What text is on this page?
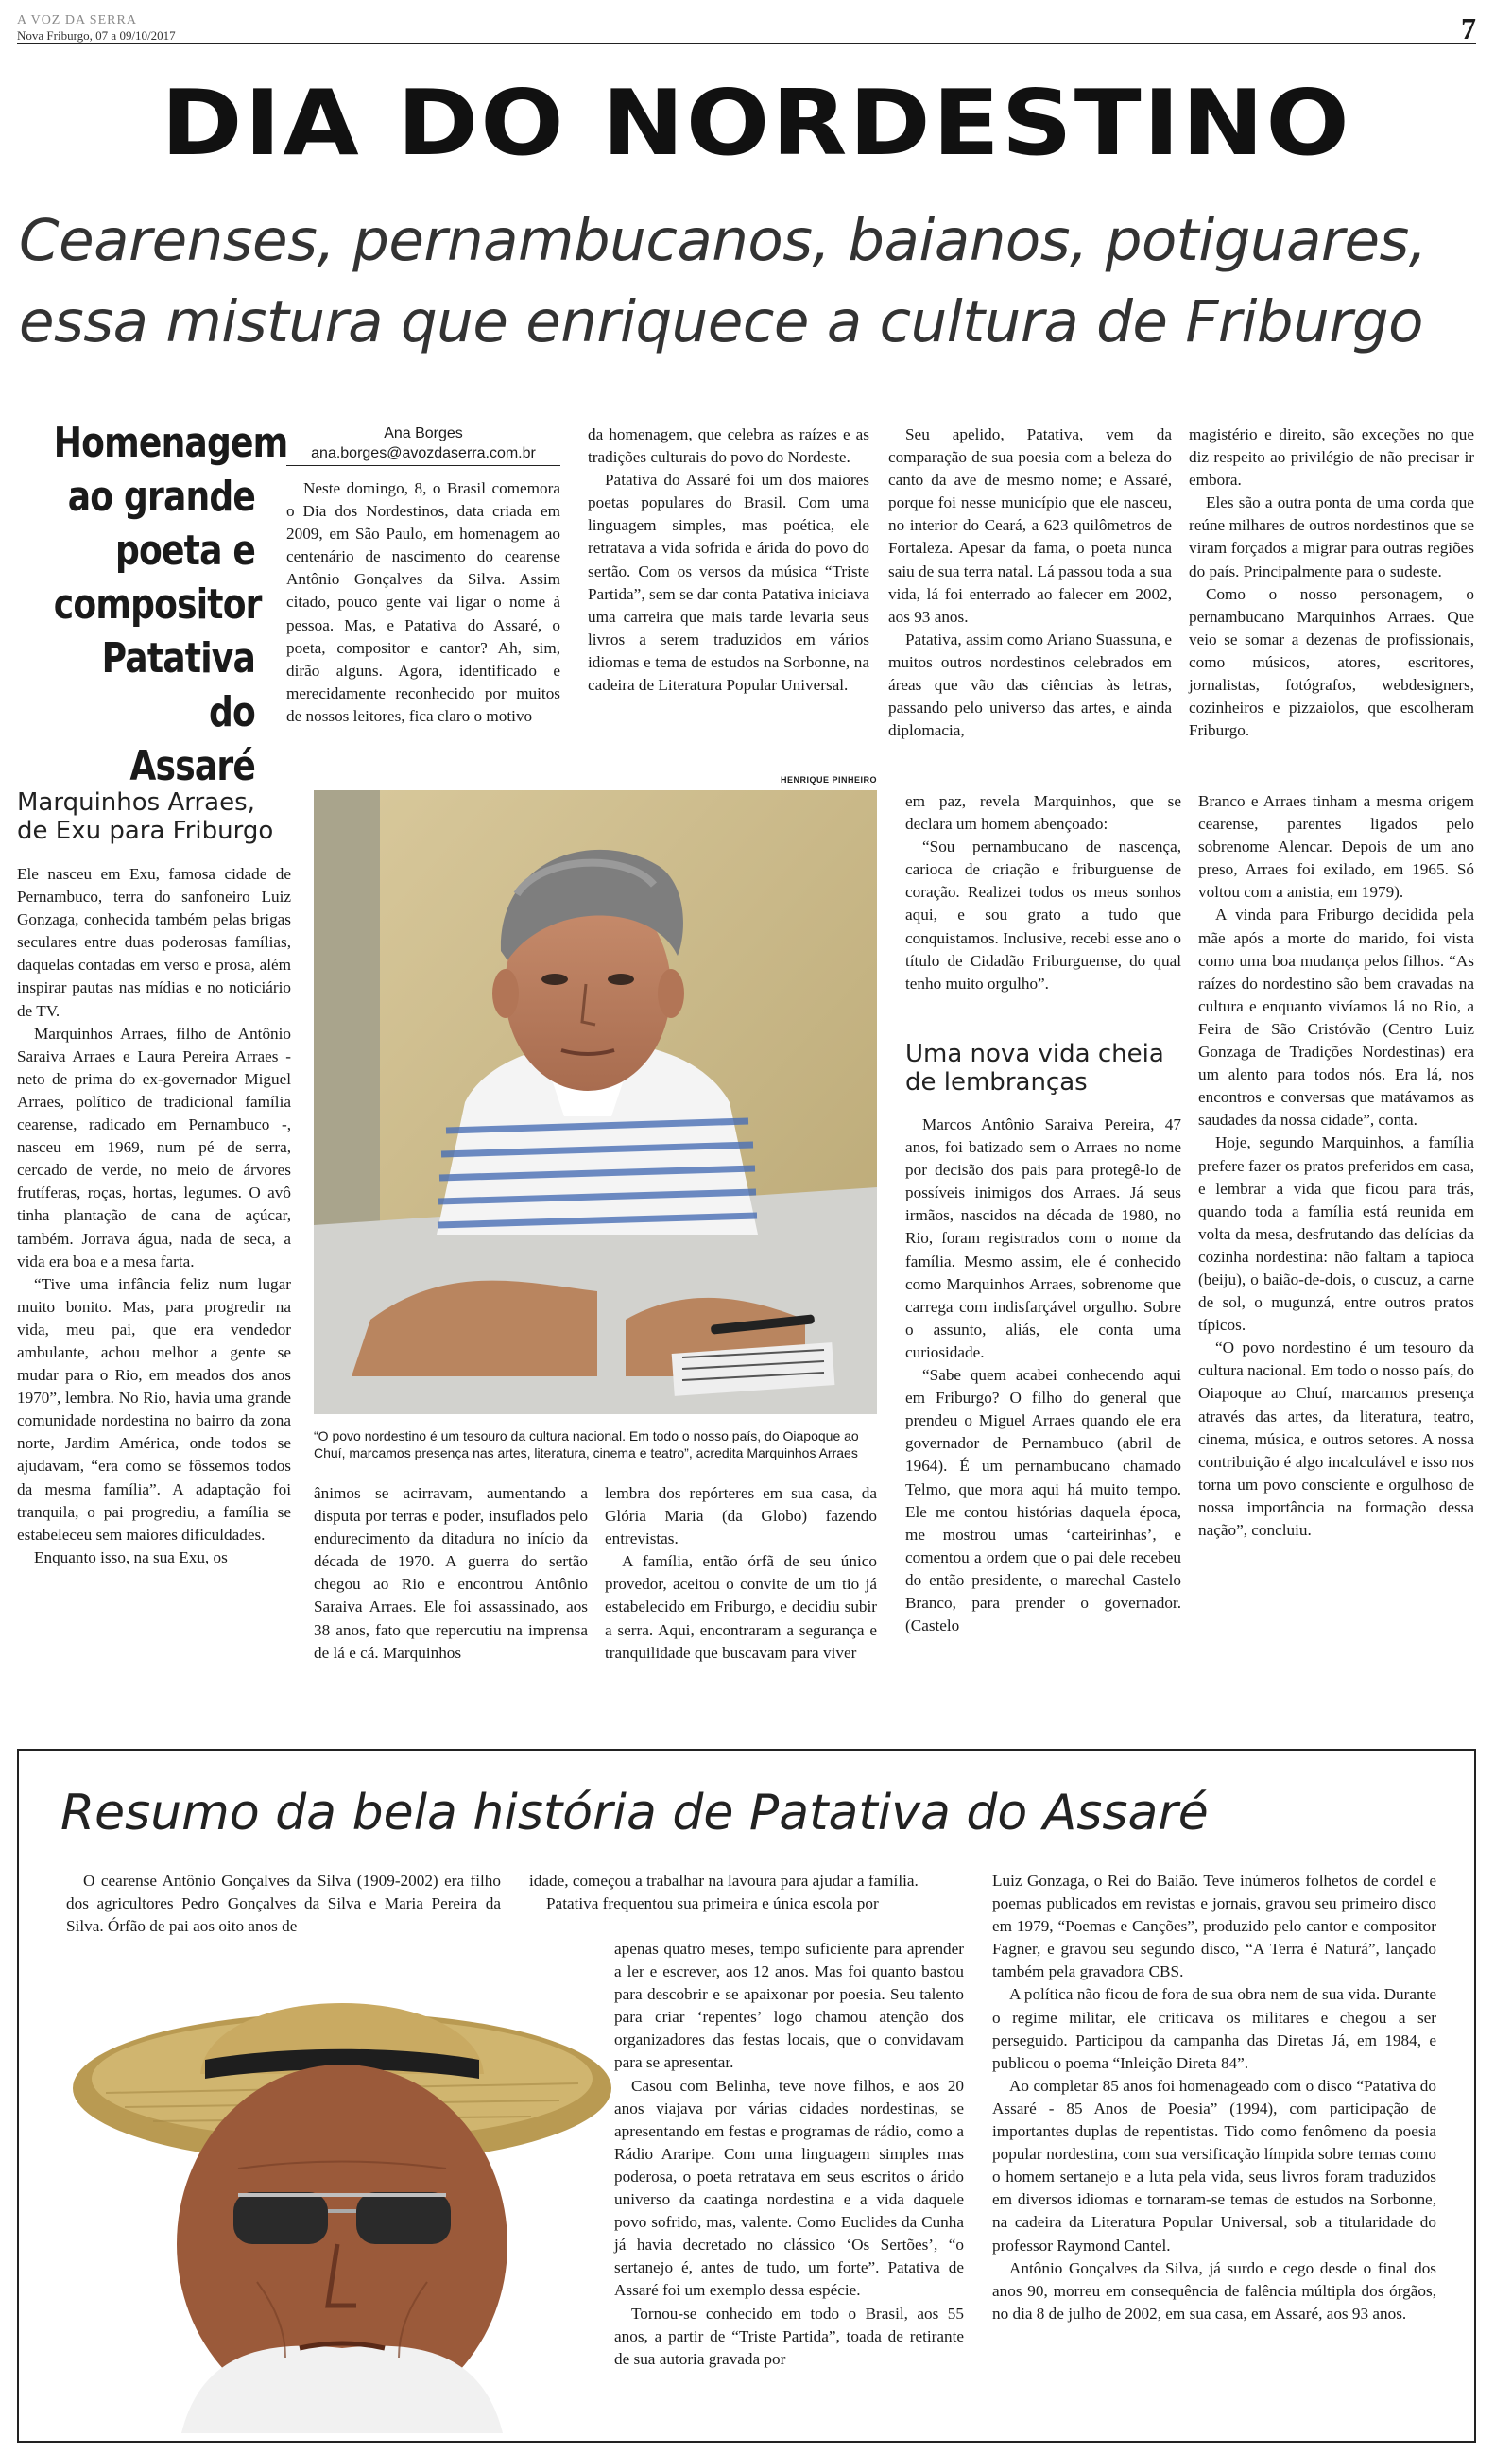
A VOZ DA SERRA
Nova Friburgo, 07 a 09/10/2017	7
DIA DO NORDESTINO
Cearenses, pernambucanos, baianos, potiguares,
essa mistura que enriquece a cultura de Friburgo
Homenagem
ao grande
poeta e
compositor
Patativa do
Assaré
Ana Borges
ana.borges@avozdaserra.com.br

Neste domingo, 8, o Brasil comemora o Dia dos Nordestinos, data criada em 2009, em São Paulo, em homenagem ao centenário de nascimento do cearense Antônio Gonçalves da Silva. Assim citado, pouco gente vai ligar o nome à pessoa. Mas, e Patativa do Assaré, o poeta, compositor e cantor? Ah, sim, dirão alguns. Agora, identificado e merecidamente reconhecido por muitos de nossos leitores, fica claro o motivo

da homenagem, que celebra as raízes e as tradições culturais do povo do Nordeste.

Patativa do Assaré foi um dos maiores poetas populares do Brasil. Com uma linguagem simples, mas poética, ele retratava a vida sofrida e árida do povo do sertão. Com os versos da música “Triste Partida”, sem se dar conta Patativa iniciava uma carreira que mais tarde levaria seus livros a serem traduzidos em vários idiomas e tema de estudos na Sorbonne, na cadeira de Literatura Popular Universal.

Seu apelido, Patativa, vem da comparação de sua poesia com a beleza do canto da ave de mesmo nome; e Assaré, porque foi nesse município que ele nasceu, no interior do Ceará, a 623 quilômetros de Fortaleza. Apesar da fama, o poeta nunca saiu de sua terra natal. Lá passou toda a sua vida, lá foi enterrado ao falecer em 2002, aos 93 anos.

Patativa, assim como Ariano Suassuna, e muitos outros nordestinos celebrados em áreas que vão das ciências às letras, passando pelo universo das artes, e ainda diplomacia,

magistério e direito, são exceções no que diz respeito ao privilégio de não precisar ir embora.

Eles são a outra ponta de uma corda que reúne milhares de outros nordestinos que se viram forçados a migrar para outras regiões do país. Principalmente para o sudeste.

Como o nosso personagem, o pernambucano Marquinhos Arraes. Que veio se somar a dezenas de profissionais, como músicos, atores, escritores, jornalistas, fotógrafos, webdesigners, cozinheiros e pizzaiolos, que escolheram Friburgo.

Marquinhos Arraes,
de Exu para Friburgo

Ele nasceu em Exu, famosa cidade de Pernambuco, terra do sanfoneiro Luiz Gonzaga, conhecida também pelas brigas seculares entre duas poderosas famílias, daquelas contadas em verso e prosa, além inspirar pautas nas mídias e no noticiário de TV.

Marquinhos Arraes, filho de Antônio Saraiva Arraes e Laura Pereira Arraes - neto de prima do ex-governador Miguel Arraes, político de tradicional família cearense, radicado em Pernambuco -, nasceu em 1969, num pé de serra, cercado de verde, no meio de árvores frutíferas, roças, hortas, legumes. O avô tinha plantação de cana de açúcar, também. Jorrava água, nada de seca, a vida era boa e a mesa farta.

“Tive uma infância feliz num lugar muito bonito. Mas, para progredir na vida, meu pai, que era vendedor ambulante, achou melhor a gente se mudar para o Rio, em meados dos anos 1970”, lembra. No Rio, havia uma grande comunidade nordestina no bairro da zona norte, Jardim América, onde todos se ajudavam, “era como se fôssemos todos da mesma família”. A adaptação foi tranquila, o pai progrediu, a família se estabeleceu sem maiores dificuldades.

Enquanto isso, na sua Exu, os

HENRIQUE PINHEIRO
“O povo nordestino é um tesouro da cultura nacional. Em todo o nosso país, do Oiapoque ao Chuí, marcamos presença nas artes, literatura, cinema e teatro”, acredita Marquinhos Arraes

ânimos se acirravam, aumentando a disputa por terras e poder, insuflados pelo endurecimento da ditadura no início da década de 1970. A guerra do sertão chegou ao Rio e encontrou Antônio Saraiva Arraes. Ele foi assassinado, aos 38 anos, fato que repercutiu na imprensa de lá e cá. Marquinhos

lembra dos repórteres em sua casa, da Glória Maria (da Globo) fazendo entrevistas.

A família, então órfã de seu único provedor, aceitou o convite de um tio já estabelecido em Friburgo, e decidiu subir a serra. Aqui, encontraram a segurança e tranquilidade que buscavam para viver

em paz, revela Marquinhos, que se declara um homem abençoado:

“Sou pernambucano de nascença, carioca de criação e friburguense de coração. Realizei todos os meus sonhos aqui, e sou grato a tudo que conquistamos. Inclusive, recebi esse ano o título de Cidadão Friburguense, do qual tenho muito orgulho”.

Uma nova vida cheia
de lembranças

Marcos Antônio Saraiva Pereira, 47 anos, foi batizado sem o Arraes no nome por decisão dos pais para protegê-lo de possíveis inimigos dos Arraes. Já seus irmãos, nascidos na década de 1980, no Rio, foram registrados com o nome da família. Mesmo assim, ele é conhecido como Marquinhos Arraes, sobrenome que carrega com indisfarçável orgulho. Sobre o assunto, aliás, ele conta uma curiosidade.

“Sabe quem acabei conhecendo aqui em Friburgo? O filho do general que prendeu o Miguel Arraes quando ele era governador de Pernambuco (abril de 1964). É um pernambucano chamado Telmo, que mora aqui há muito tempo. Ele me contou histórias daquela época, me mostrou umas ‘carteirinhas’, e comentou a ordem que o pai dele recebeu do então presidente, o marechal Castelo Branco, para prender o governador. (Castelo

Branco e Arraes tinham a mesma origem cearense, parentes ligados pelo sobrenome Alencar. Depois de um ano preso, Arraes foi exilado, em 1965. Só voltou com a anistia, em 1979).

A vinda para Friburgo decidida pela mãe após a morte do marido, foi vista como uma boa mudança pelos filhos. “As raízes do nordestino são bem cravadas na cultura e enquanto vivíamos lá no Rio, a Feira de São Cristóvão (Centro Luiz Gonzaga de Tradições Nordestinas) era um alento para todos nós. Era lá, nos encontros e conversas que matávamos as saudades da nossa cidade”, conta.

Hoje, segundo Marquinhos, a família prefere fazer os pratos preferidos em casa, e lembrar a vida que ficou para trás, quando toda a família está reunida em volta da mesa, desfrutando das delícias da cozinha nordestina: não faltam a tapioca (beiju), o baião-de-dois, o cuscuz, a carne de sol, o mugunzá, entre outros pratos típicos.

“O povo nordestino é um tesouro da cultura nacional. Em todo o nosso país, do Oiapoque ao Chuí, marcamos presença através das artes, da literatura, teatro, cinema, música, e outros setores. A nossa contribuição é algo incalculável e isso nos torna um povo consciente e orgulhoso de nossa importância na formação dessa nação”, concluiu.

Resumo da bela história de Patativa do Assaré

O cearense Antônio Gonçalves da Silva (1909-2002) era filho dos agricultores Pedro Gonçalves da Silva e Maria Pereira da Silva. Órfão de pai aos oito anos de

idade, começou a trabalhar na lavoura para ajudar a família.

Patativa frequentou sua primeira e única escola por

apenas quatro meses, tempo suficiente para aprender a ler e escrever, aos 12 anos. Mas foi quanto bastou para descobrir e se apaixonar por poesia. Seu talento para criar ‘repentes’ logo chamou atenção dos organizadores das festas locais, que o convidavam para se apresentar.

Casou com Belinha, teve nove filhos, e aos 20 anos viajava por várias cidades nordestinas, se apresentando em festas e programas de rádio, como a Rádio Araripe. Com uma linguagem simples mas poderosa, o poeta retratava em seus escritos o árido universo da caatinga nordestina e a vida daquele povo sofrido, mas, valente. Como Euclides da Cunha já havia decretado no clássico ‘Os Sertões’, “o sertanejo é, antes de tudo, um forte”. Patativa de Assaré foi um exemplo dessa espécie.

Tornou-se conhecido em todo o Brasil, aos 55 anos, a partir de “Triste Partida”, toada de retirante de sua autoria gravada por

Luiz Gonzaga, o Rei do Baião. Teve inúmeros folhetos de cordel e poemas publicados em revistas e jornais, gravou seu primeiro disco em 1979, “Poemas e Canções”, produzido pelo cantor e compositor Fagner, e gravou seu segundo disco, “A Terra é Naturá”, lançado também pela gravadora CBS.

A política não ficou de fora de sua obra nem de sua vida. Durante o regime militar, ele criticava os militares e chegou a ser perseguido. Participou da campanha das Diretas Já, em 1984, e publicou o poema “Inleição Direta 84”.

Ao completar 85 anos foi homenageado com o disco “Patativa do Assaré - 85 Anos de Poesia” (1994), com participação de importantes duplas de repentistas. Tido como fenômeno da poesia popular nordestina, com sua versificação límpida sobre temas como o homem sertanejo e a luta pela vida, seus livros foram traduzidos em diversos idiomas e tornaram-se temas de estudos na Sorbonne, na cadeira da Literatura Popular Universal, sob a titularidade do professor Raymond Cantel.

Antônio Gonçalves da Silva, já surdo e cego desde o final dos anos 90, morreu em consequência de falência múltipla dos órgãos, no dia 8 de julho de 2002, em sua casa, em Assaré, aos 93 anos.
